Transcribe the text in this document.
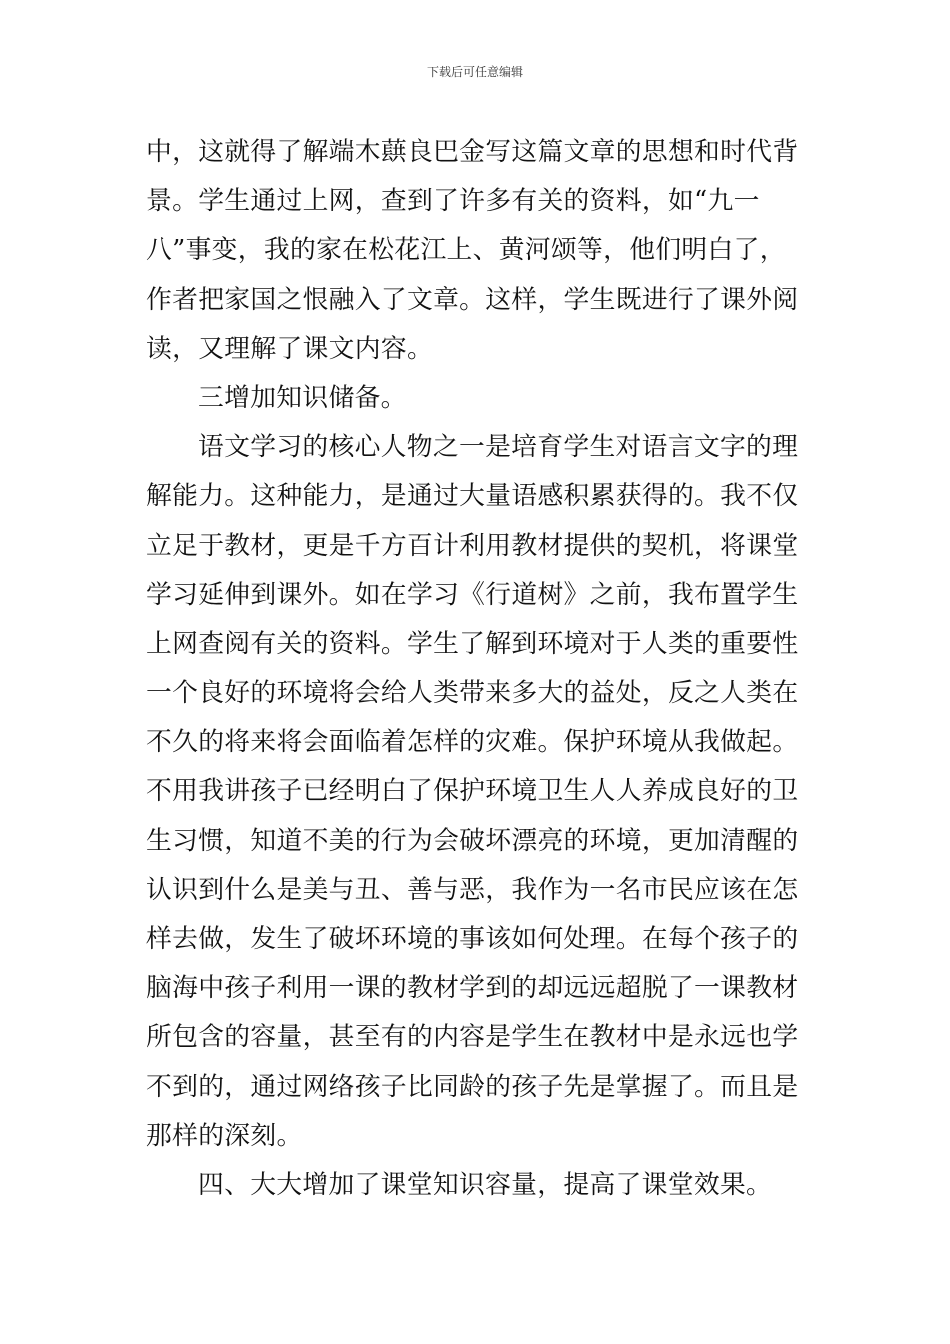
下载后可任意编辑
中，这就得了解端木蕻良巴金写这篇文章的思想和时代背
景。学生通过上网，查到了许多有关的资料，如“九一
八”事变，我的家在松花江上、黄河颂等，他们明白了，
作者把家国之恨融入了文章。这样，学生既进行了课外阅
读，又理解了课文内容。
三增加知识储备。
语文学习的核心人物之一是培育学生对语言文字的理
解能力。这种能力，是通过大量语感积累获得的。我不仅
立足于教材，更是千方百计利用教材提供的契机，将课堂
学习延伸到课外。如在学习《行道树》之前，我布置学生
上网查阅有关的资料。学生了解到环境对于人类的重要性
一个良好的环境将会给人类带来多大的益处，反之人类在
不久的将来将会面临着怎样的灾难。保护环境从我做起。
不用我讲孩子已经明白了保护环境卫生人人养成良好的卫
生习惯，知道不美的行为会破坏漂亮的环境，更加清醒的
认识到什么是美与丑、善与恶，我作为一名市民应该在怎
样去做，发生了破坏环境的事该如何处理。在每个孩子的
脑海中孩子利用一课的教材学到的却远远超脱了一课教材
所包含的容量，甚至有的内容是学生在教材中是永远也学
不到的，通过网络孩子比同龄的孩子先是掌握了。而且是
那样的深刻。
四、大大增加了课堂知识容量，提高了课堂效果。
